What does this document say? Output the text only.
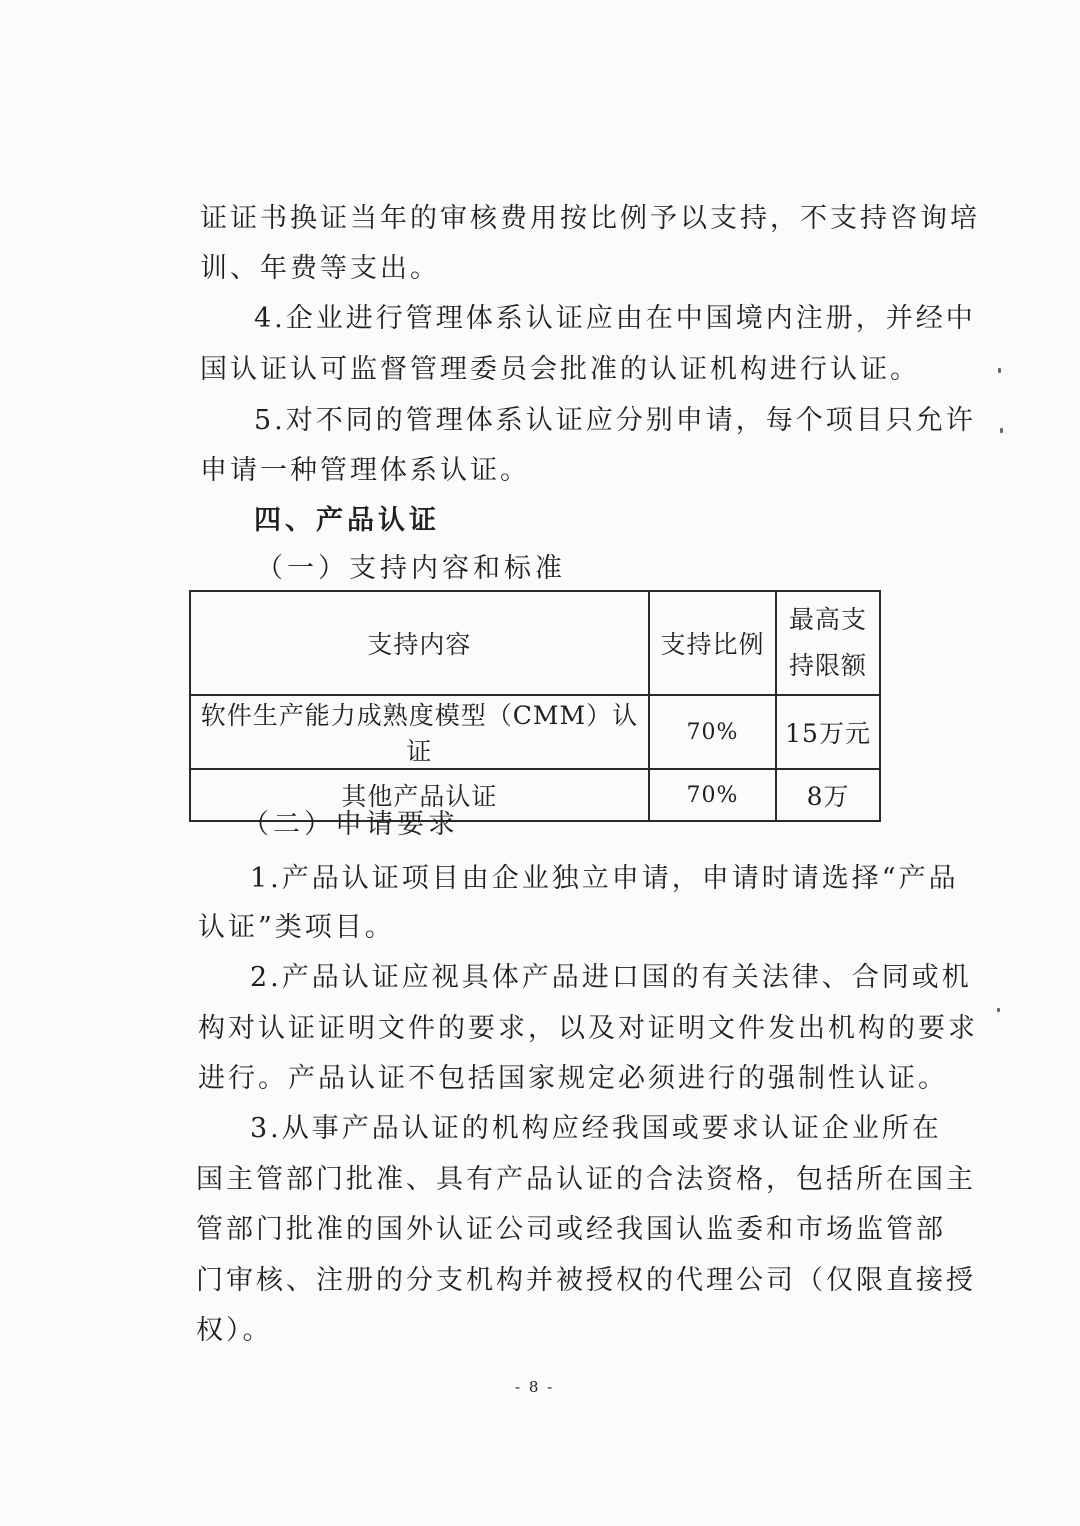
证证书换证当年的审核费用按比例予以支持，不支持咨询培
训、年费等支出。
4.企业进行管理体系认证应由在中国境内注册，并经中
国认证认可监督管理委员会批准的认证机构进行认证。
5.对不同的管理体系认证应分别申请，每个项目只允许
申请一种管理体系认证。
四、产品认证
（一）支持内容和标准
支持内容	支持比例	最高支持限额
软件生产能力成熟度模型（CMM）认证	70%	15万元
其他产品认证	70%	8万
（二）申请要求
1.产品认证项目由企业独立申请，申请时请选择“产品
认证”类项目。
2.产品认证应视具体产品进口国的有关法律、合同或机
构对认证证明文件的要求，以及对证明文件发出机构的要求
进行。产品认证不包括国家规定必须进行的强制性认证。
3.从事产品认证的机构应经我国或要求认证企业所在
国主管部门批准、具有产品认证的合法资格，包括所在国主
管部门批准的国外认证公司或经我国认监委和市场监管部
门审核、注册的分支机构并被授权的代理公司（仅限直接授
权）。
- 8 -
